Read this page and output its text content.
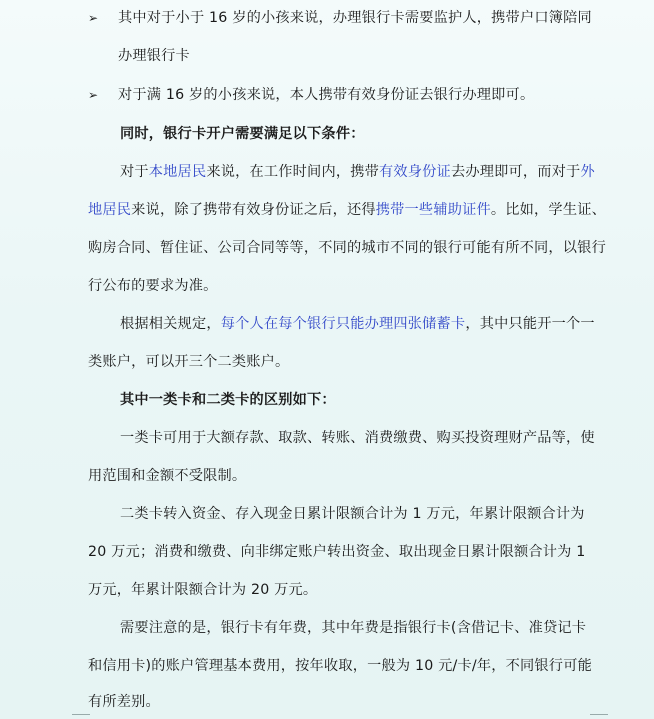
➢ 其中对于小于 16 岁的小孩来说，办理银行卡需要监护人，携带户口簿陪同
办理银行卡
➢ 对于满 16 岁的小孩来说，本人携带有效身份证去银行办理即可。
同时，银行卡开户需要满足以下条件：
对于本地居民来说，在工作时间内，携带有效身份证去办理即可，而对于外
地居民来说，除了携带有效身份证之后，还得携带一些辅助证件。比如，学生证、
购房合同、暂住证、公司合同等等，不同的城市不同的银行可能有所不同，以银行
行公布的要求为准。
根据相关规定，每个人在每个银行只能办理四张储蓄卡，其中只能开一个一
类账户，可以开三个二类账户。
其中一类卡和二类卡的区别如下：
一类卡可用于大额存款、取款、转账、消费缴费、购买投资理财产品等，使
用范围和金额不受限制。
二类卡转入资金、存入现金日累计限额合计为 1 万元，年累计限额合计为
20 万元；消费和缴费、向非绑定账户转出资金、取出现金日累计限额合计为 1
万元，年累计限额合计为 20 万元。
需要注意的是，银行卡有年费，其中年费是指银行卡(含借记卡、准贷记卡
和信用卡)的账户管理基本费用，按年收取，一般为 10 元/卡/年，不同银行可能
有所差别。
